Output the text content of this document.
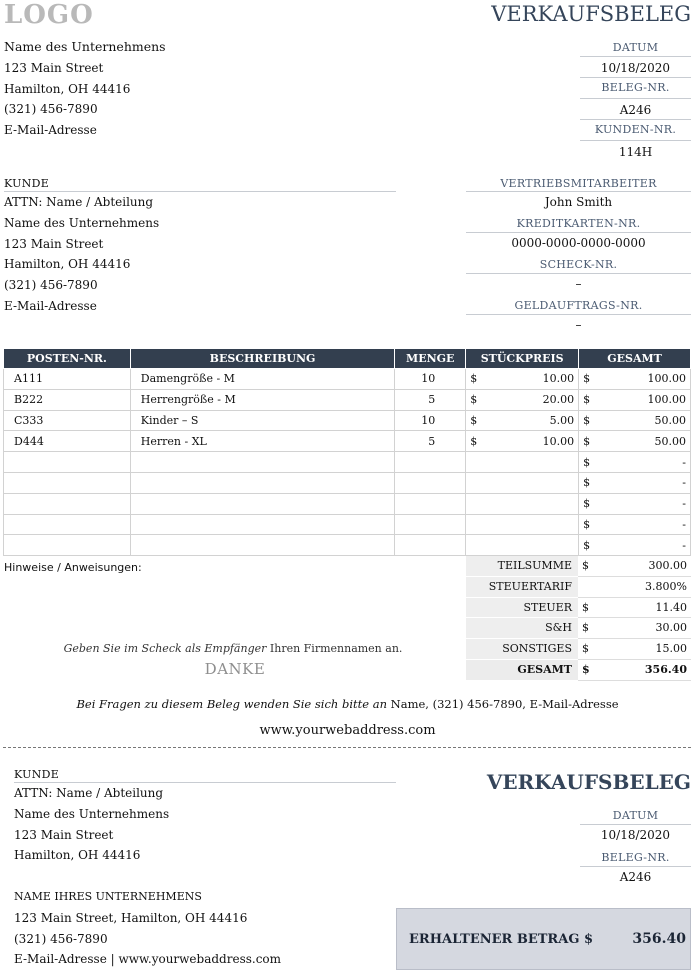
LOGO	VERKAUFSBELEG
Name des Unternehmens
123 Main Street
Hamilton, OH 44416
(321) 456-7890
E-Mail-Adresse
DATUM
10/18/2020
BELEG-NR.
A246
KUNDEN-NR.
114H
KUNDE
ATTN: Name / Abteilung
Name des Unternehmens
123 Main Street
Hamilton, OH 44416
(321) 456-7890
E-Mail-Adresse
VERTRIEBSMITARBEITER
John Smith
KREDITKARTEN-NR.
0000-0000-0000-0000
SCHECK-NR.
–
GELDAUFTRAGS-NR.
–
POSTEN-NR.	BESCHREIBUNG	MENGE	STÜCKPREIS	GESAMT
A111	Damengröße - M	10	$ 10.00	$ 100.00

B222	Herrengröße - M	5	$ 20.00	$ 100.00

C333	Kinder – S	10	$ 5.00	$ 50.00

D444	Herren - XL	5	$ 10.00	$ 50.00

				$ -

				$ -

				$ -

				$ -

				$ -
Hinweise / Anweisungen:
Geben Sie im Scheck als Empfänger Ihren Firmennamen an.
DANKE
TEILSUMME $	300.00
STEUERTARIF	3.800%
STEUER $	11.40
S&H $	30.00
SONSTIGES $	15.00
GESAMT $	356.40
Bei Fragen zu diesem Beleg wenden Sie sich bitte an Name, (321) 456-7890, E-Mail-Adresse
www.yourwebaddress.com
KUNDE
ATTN: Name / Abteilung
Name des Unternehmens
123 Main Street
Hamilton, OH 44416
VERKAUFSBELEG
DATUM
10/18/2020
BELEG-NR.
A246
NAME IHRES UNTERNEHMENS
123 Main Street, Hamilton, OH 44416
(321) 456-7890
E-Mail-Adresse | www.yourwebaddress.com
ERHALTENER BETRAG $	356.40
